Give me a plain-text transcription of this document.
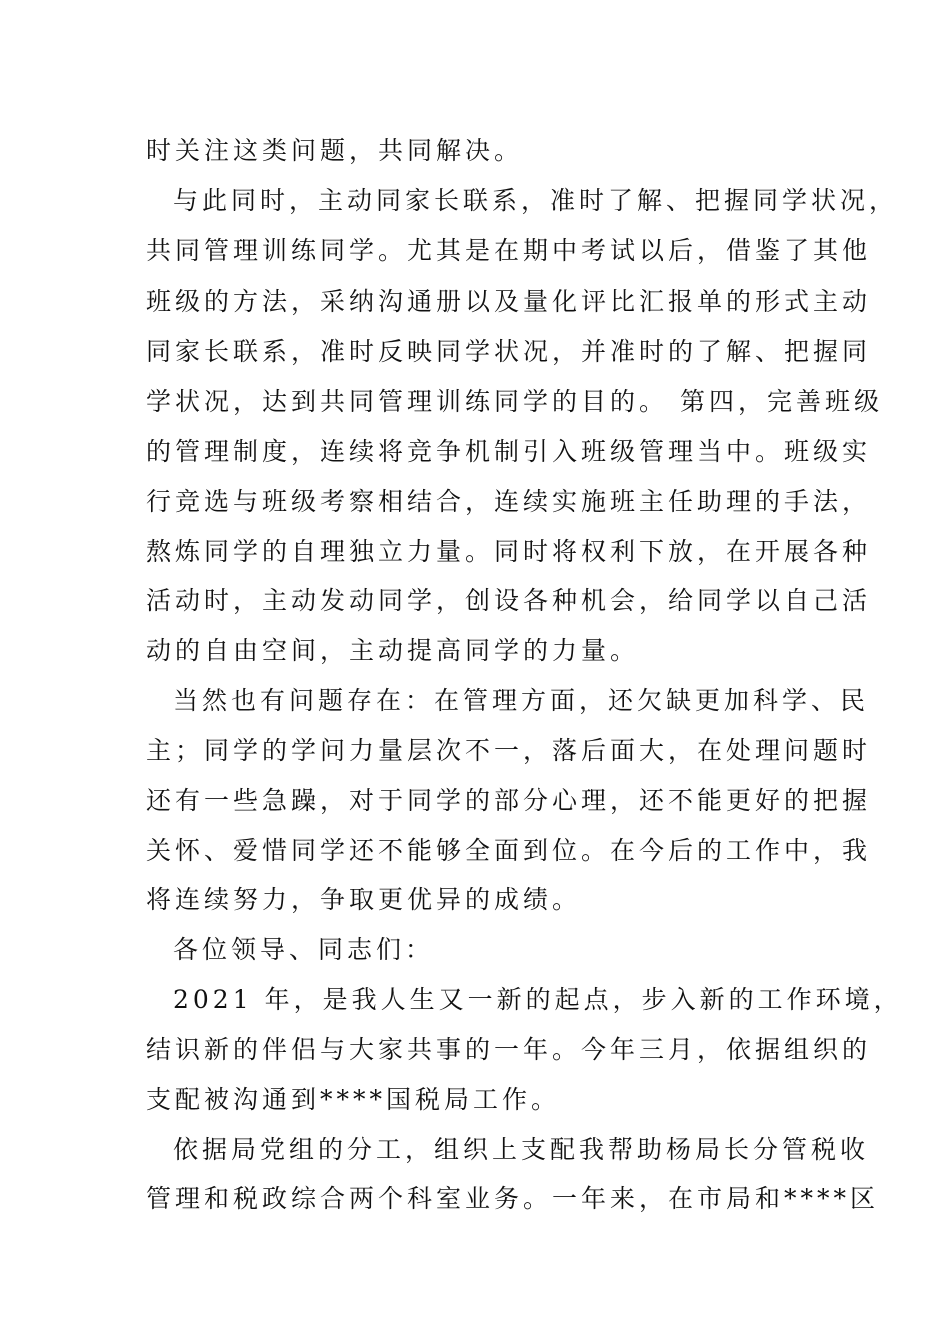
时关注这类问题，共同解决。

与此同时，主动同家长联系，准时了解、把握同学状况，

共同管理训练同学。尤其是在期中考试以后，借鉴了其他

班级的方法，采纳沟通册以及量化评比汇报单的形式主动

同家长联系，准时反映同学状况，并准时的了解、把握同

学状况，达到共同管理训练同学的目的。 第四，完善班级

的管理制度，连续将竞争机制引入班级管理当中。班级实

行竞选与班级考察相结合，连续实施班主任助理的手法，

熬炼同学的自理独立力量。同时将权利下放，在开展各种

活动时，主动发动同学，创设各种机会，给同学以自己活

动的自由空间，主动提高同学的力量。

当然也有问题存在：在管理方面，还欠缺更加科学、民

主；同学的学问力量层次不一，落后面大，在处理问题时

还有一些急躁，对于同学的部分心理，还不能更好的把握

关怀、爱惜同学还不能够全面到位。在今后的工作中，我

将连续努力，争取更优异的成绩。

各位领导、同志们：

2021 年，是我人生又一新的起点，步入新的工作环境，

结识新的伴侣与大家共事的一年。今年三月，依据组织的

支配被沟通到****国税局工作。

依据局党组的分工，组织上支配我帮助杨局长分管税收

管理和税政综合两个科室业务。一年来，在市局和****区
